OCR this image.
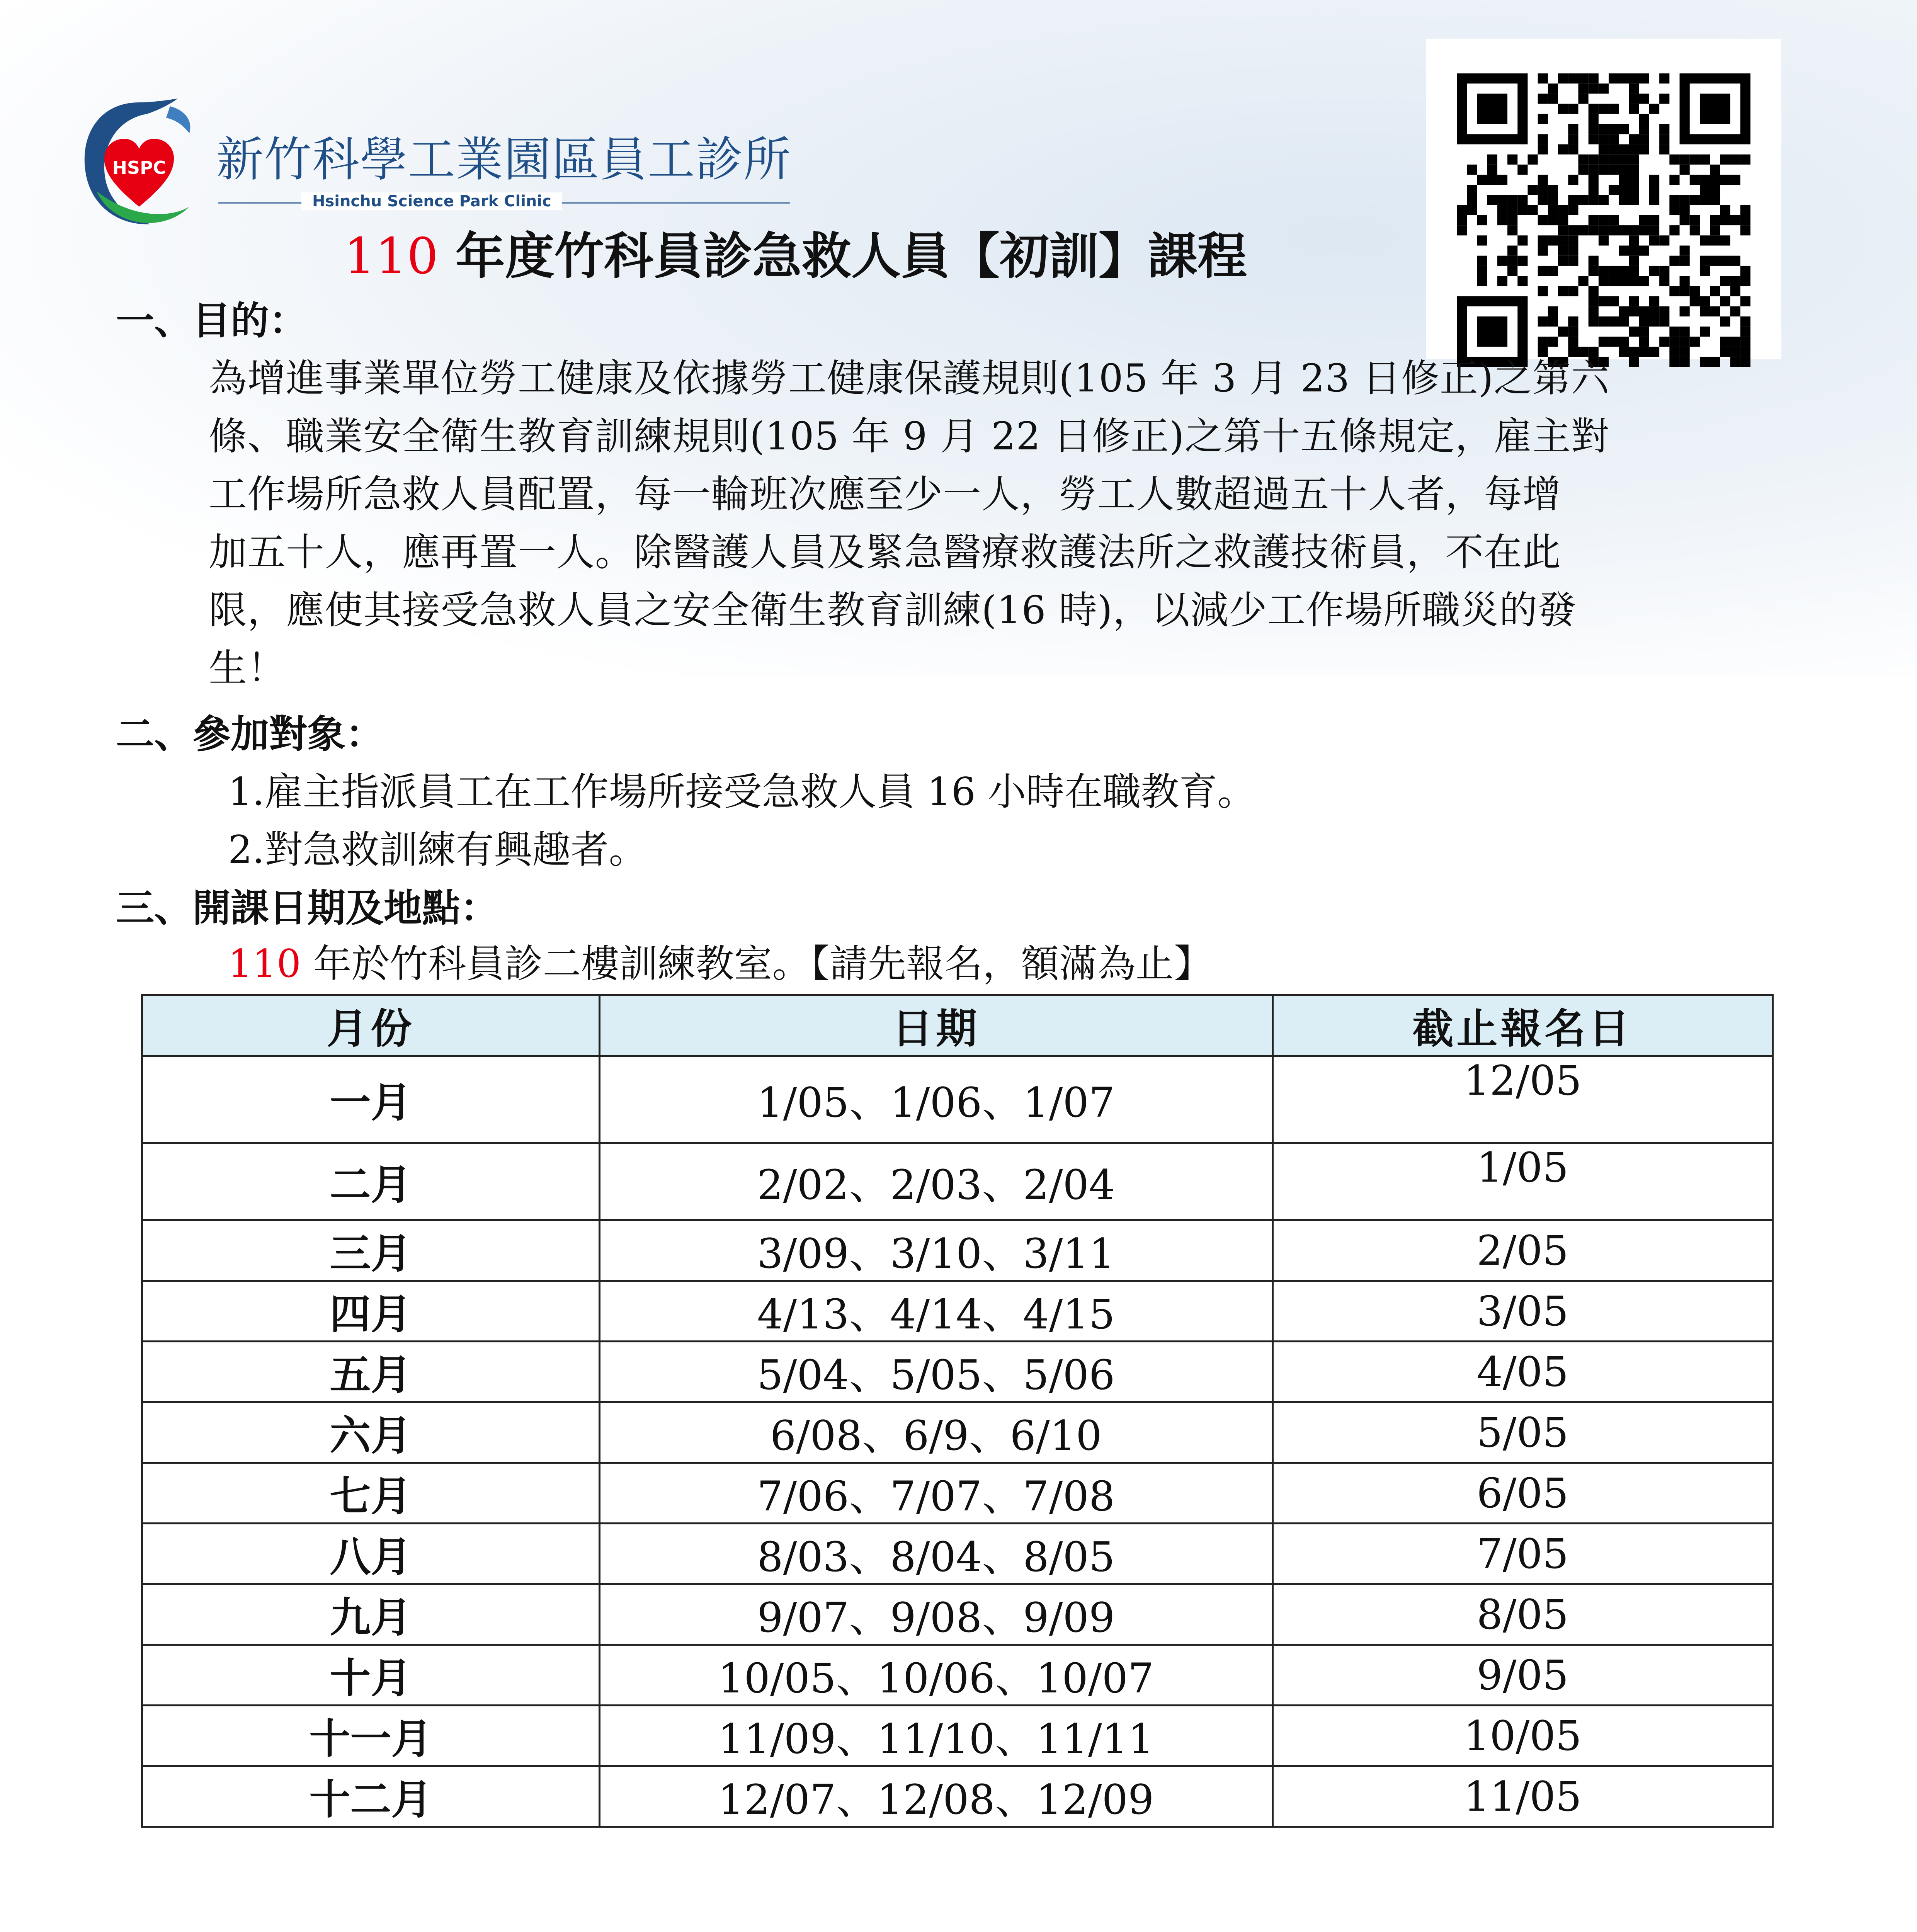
HSPC 新竹科學工業園區員工診所
Hsinchu Science Park Clinic
110 年度竹科員診急救人員【初訓】課程
一、目的：
為增進事業單位勞工健康及依據勞工健康保護規則(105 年 3 月 23 日修正)之第六
條、職業安全衛生教育訓練規則(105 年 9 月 22 日修正)之第十五條規定，雇主對
工作場所急救人員配置，每一輪班次應至少一人，勞工人數超過五十人者，每增
加五十人，應再置一人。除醫護人員及緊急醫療救護法所之救護技術員，不在此
限，應使其接受急救人員之安全衛生教育訓練(16 時)，以減少工作場所職災的發
生！
二、參加對象：
1.雇主指派員工在工作場所接受急救人員 16 小時在職教育。
2.對急救訓練有興趣者。
三、開課日期及地點：
110 年於竹科員診二樓訓練教室。【請先報名，額滿為止】
月份	日期	截止報名日
一月	1/05、1/06、1/07	12/05
二月	2/02、2/03、2/04	1/05
三月	3/09、3/10、3/11	2/05
四月	4/13、4/14、4/15	3/05
五月	5/04、5/05、5/06	4/05
六月	6/08、6/9、6/10	5/05
七月	7/06、7/07、7/08	6/05
八月	8/03、8/04、8/05	7/05
九月	9/07、9/08、9/09	8/05
十月	10/05、10/06、10/07	9/05
十一月	11/09、11/10、11/11	10/05
十二月	12/07、12/08、12/09	11/05
